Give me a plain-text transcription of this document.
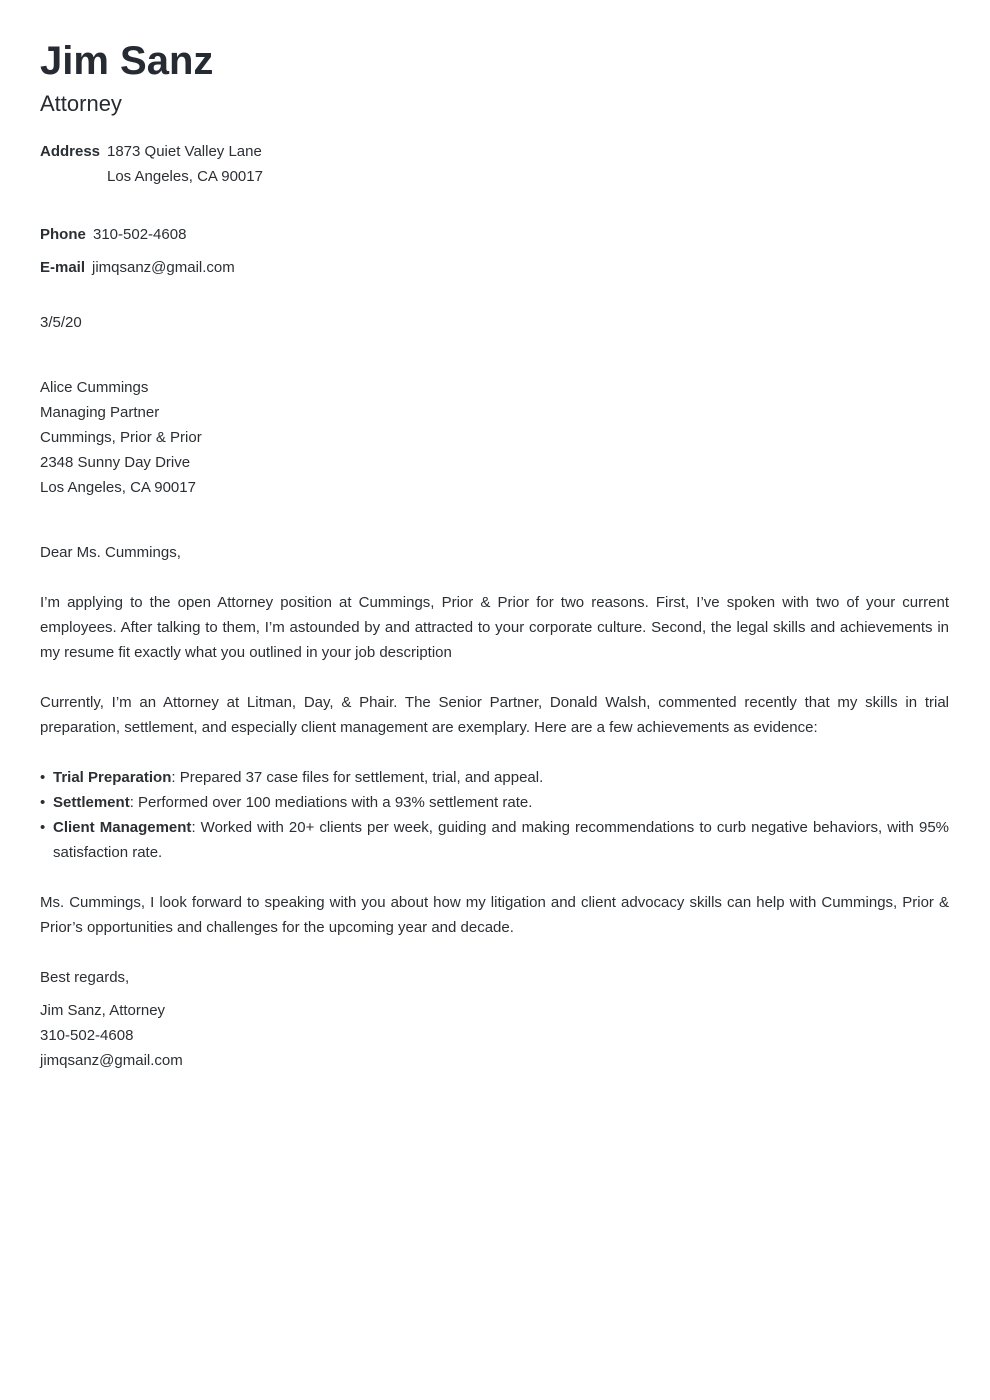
Jim Sanz
Attorney
Address 1873 Quiet Valley Lane
Los Angeles, CA 90017
Phone 310-502-4608
E-mail jimqsanz@gmail.com
3/5/20
Alice Cummings
Managing Partner
Cummings, Prior & Prior
2348 Sunny Day Drive
Los Angeles, CA 90017
Dear Ms. Cummings,

I’m applying to the open Attorney position at Cummings, Prior & Prior for two reasons. First, I’ve spoken with two of your current employees. After talking to them, I’m astounded by and attracted to your corporate culture. Second, the legal skills and achievements in my resume fit exactly what you outlined in your job description

Currently, I’m an Attorney at Litman, Day, & Phair. The Senior Partner, Donald Walsh, commented recently that my skills in trial preparation, settlement, and especially client management are exemplary. Here are a few achievements as evidence:

• Trial Preparation: Prepared 37 case files for settlement, trial, and appeal.
• Settlement: Performed over 100 mediations with a 93% settlement rate.
• Client Management: Worked with 20+ clients per week, guiding and making recommendations to curb negative behaviors, with 95% satisfaction rate.

Ms. Cummings, I look forward to speaking with you about how my litigation and client advocacy skills can help with Cummings, Prior & Prior’s opportunities and challenges for the upcoming year and decade.

Best regards,
Jim Sanz, Attorney
310-502-4608
jimqsanz@gmail.com
